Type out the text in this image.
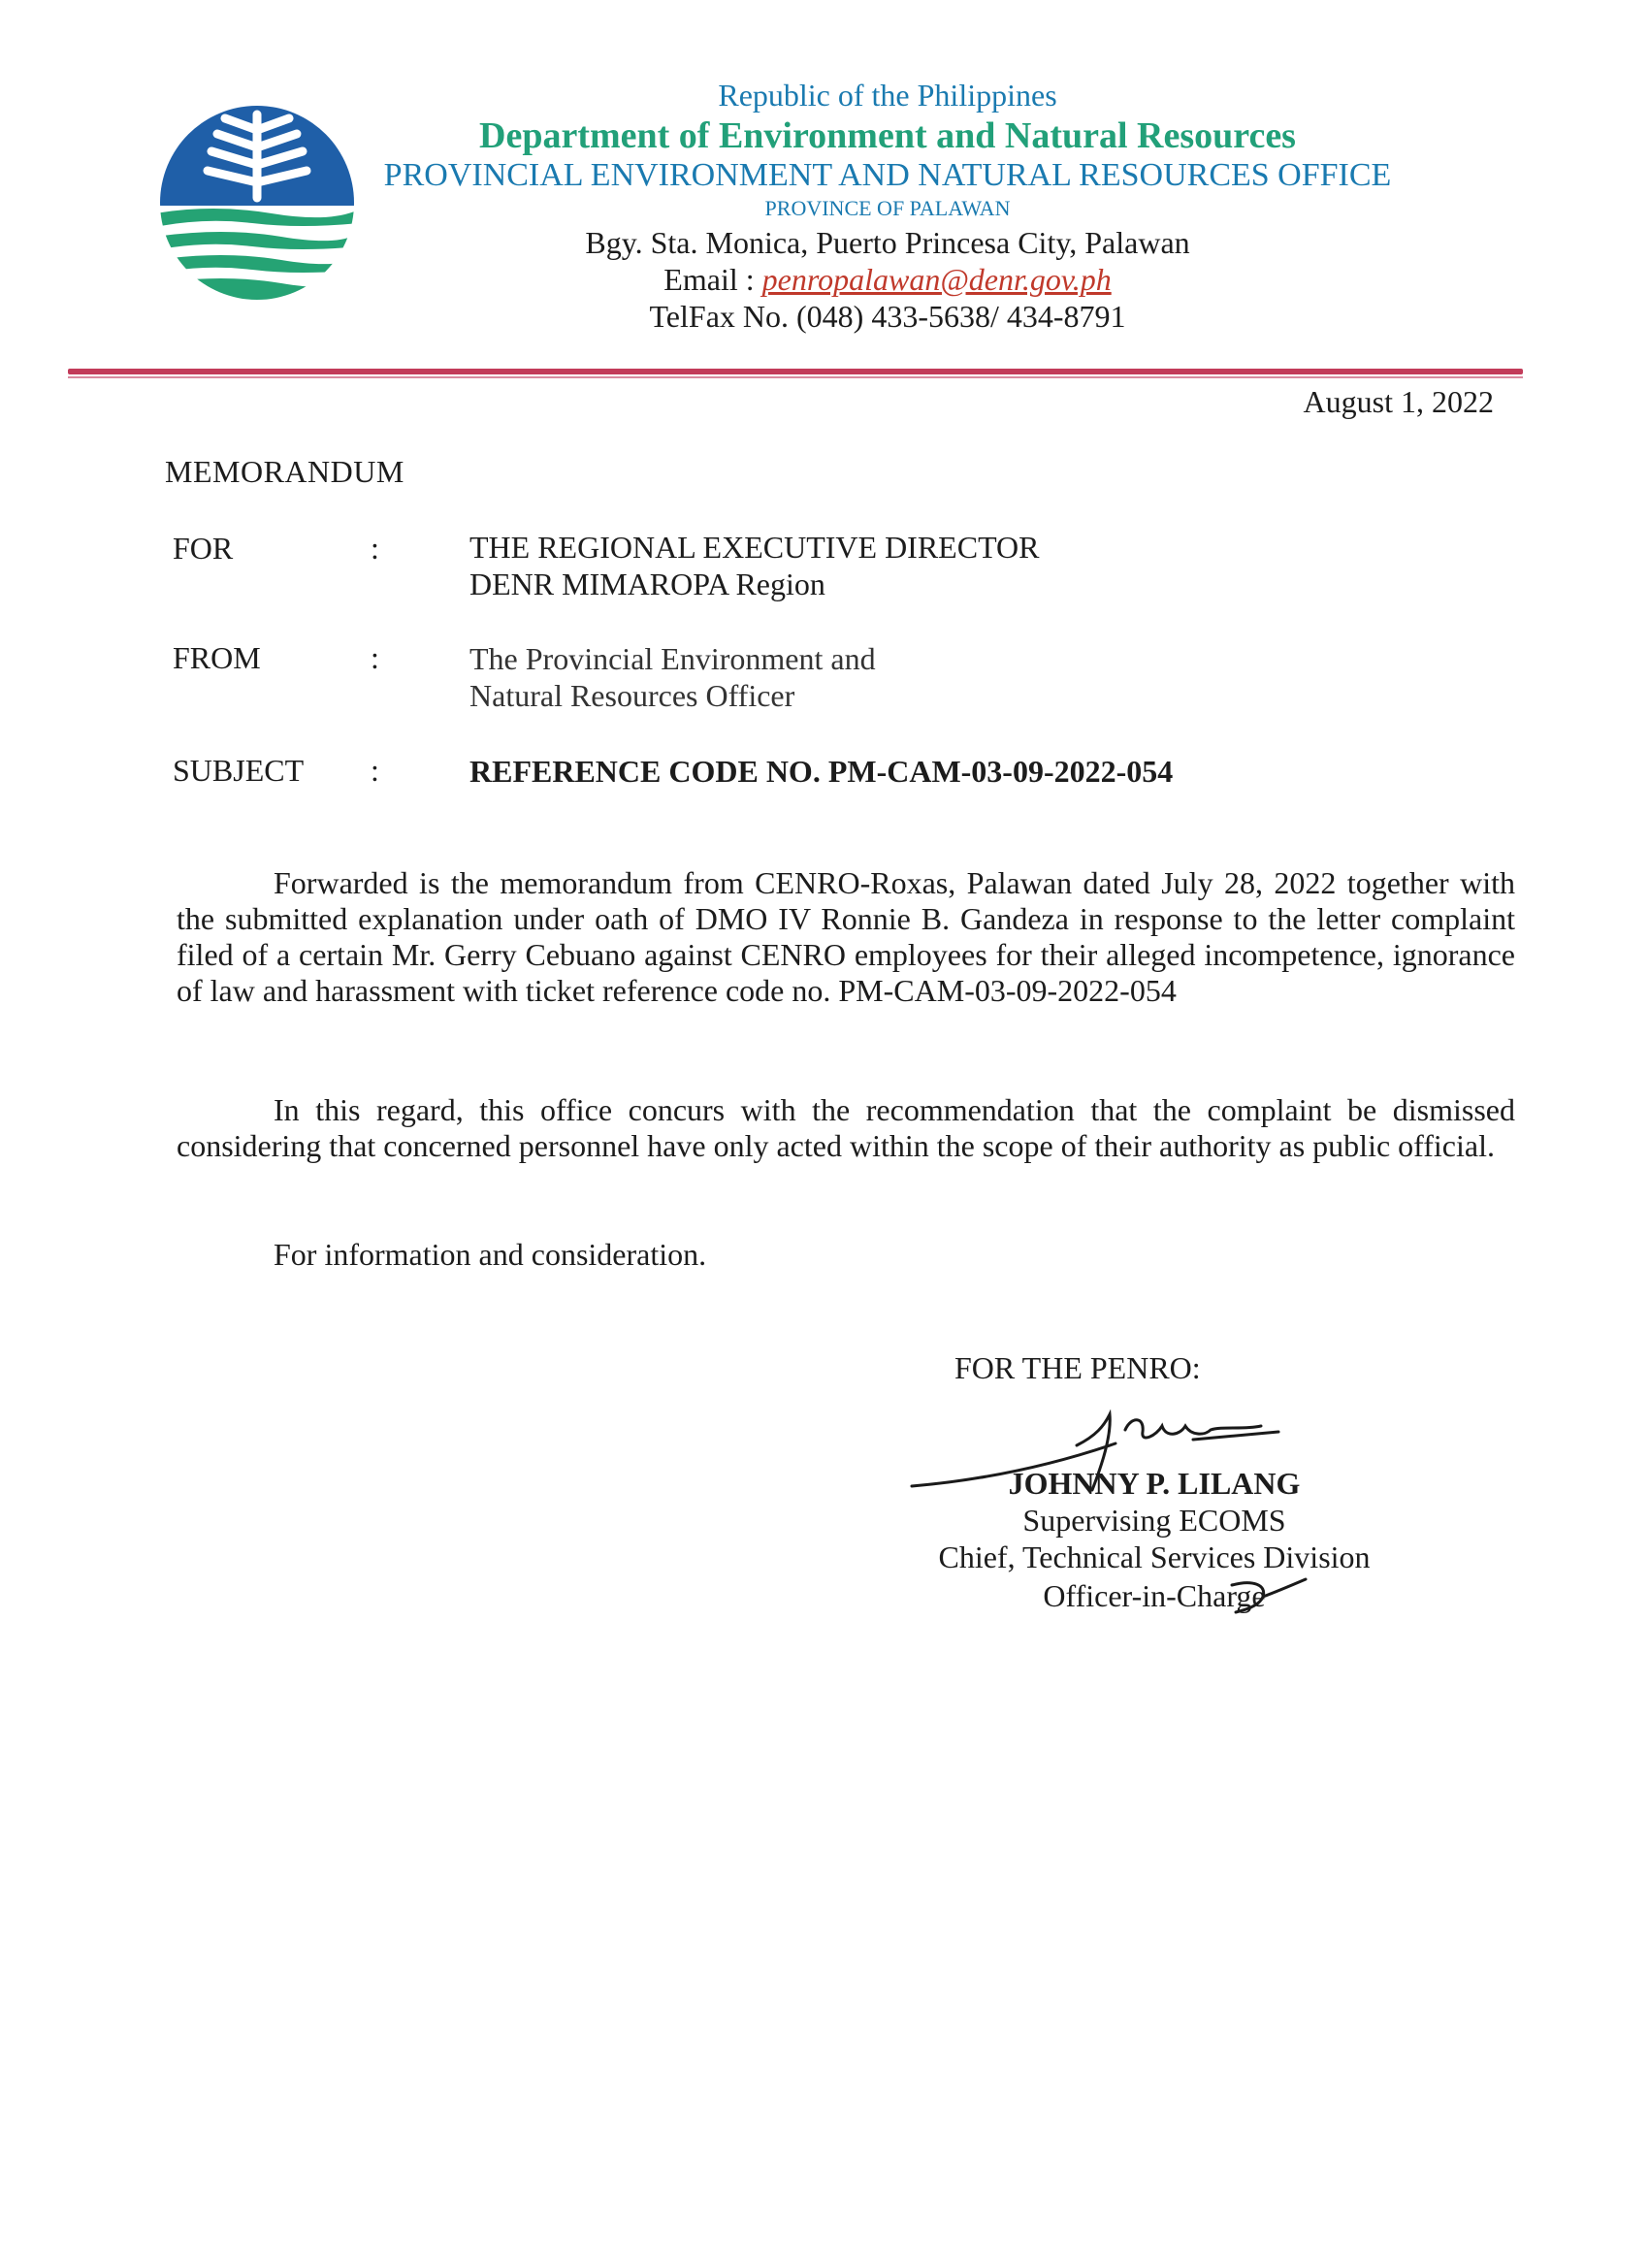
Republic of the Philippines
Department of Environment and Natural Resources
PROVINCIAL ENVIRONMENT AND NATURAL RESOURCES OFFICE
PROVINCE OF PALAWAN
Bgy. Sta. Monica, Puerto Princesa City, Palawan
Email : penropalawan@denr.gov.ph
TelFax No. (048) 433-5638/ 434-8791
August 1, 2022
MEMORANDUM
FOR	:	THE REGIONAL EXECUTIVE DIRECTOR
DENR MIMAROPA Region
FROM	:	The Provincial Environment and
Natural Resources Officer
SUBJECT :	REFERENCE CODE NO. PM-CAM-03-09-2022-054

Forwarded is the memorandum from CENRO-Roxas, Palawan dated July 28, 2022 together with the submitted explanation under oath of DMO IV Ronnie B. Gandeza in response to the letter complaint filed of a certain Mr. Gerry Cebuano against CENRO employees for their alleged incompetence, ignorance of law and harassment with ticket reference code no. PM-CAM-03-09-2022-054

In this regard, this office concurs with the recommendation that the complaint be dismissed considering that concerned personnel have only acted within the scope of their authority as public official.

For information and consideration.

FOR THE PENRO:
JOHNNY P. LILANG
Supervising ECOMS
Chief, Technical Services Division
Officer-in-Charge
